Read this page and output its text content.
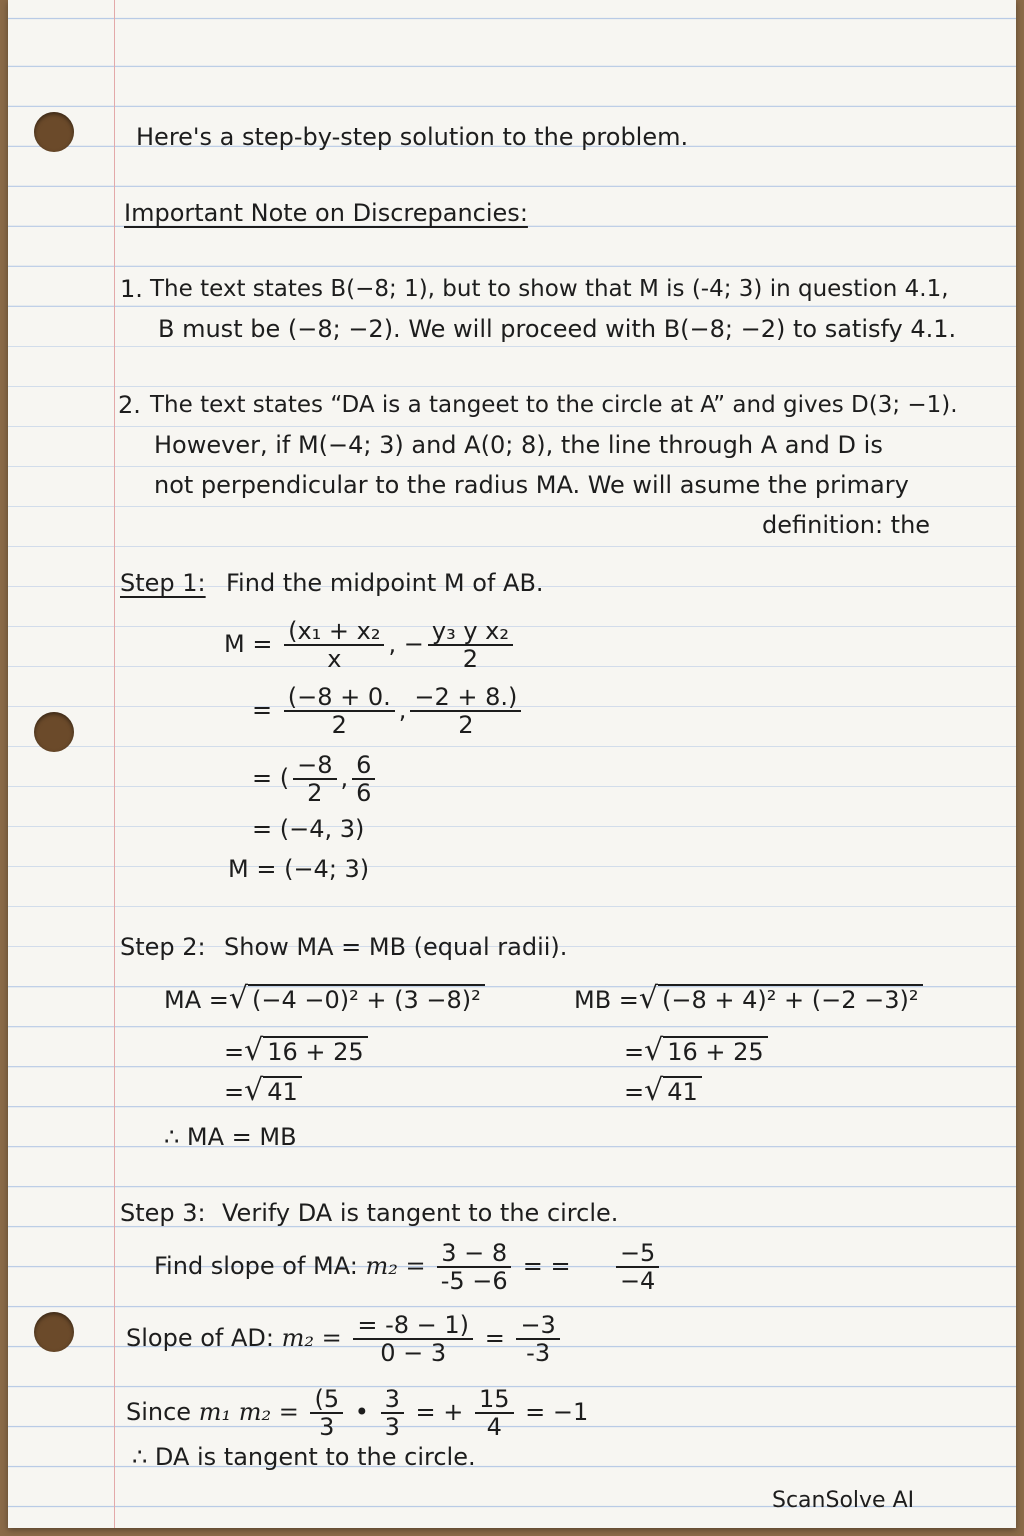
Here's a step-by-step solution to the problem.
Important Note on Discrepancies:
1. The text states B(−8; 1), but to show that M is (-4; 3) in question 4.1,
B must be (−8; −2). We will proceed with B(−8; −2) to satisfy 4.1.
2. The text states “DA is a tangeet to the circle at A” and gives D(3; −1).
However, if M(−4; 3) and A(0; 8), the line through A and D is
not perpendicular to the radius MA. We will asume the primary
definition: the
Step 1: Find the midpoint M of AB.
$M = \frac{\text{(x₁ + x₂}}{x}$ , − $\frac{\text{y₃ y x₂}}{2}$
= $\frac{(-8 + 0.}{2}$ , $\frac{-2 + 8.)}{2}$
= ( $\frac{-8}{2}$ , $\frac{6}{6}$
= (−4, 3)
M = (−4; 3)
Step 2: Show MA = MB (equal radii).
MA =√ (−4 −0)² + (3 −8)²
=√ 16 + 25
=√ 41
MB =√ (−8 + 4)² + (−2 −3)²
=√ 16 + 25
=√ 41
∴ MA = MB
Step 3: Verify DA is tangent to the circle.
Find slope of MA: $m_2 = \frac{3 - 8}{-5 -6}$ = = $\frac{-5}{-4}$
Slope of AD: $m_2 = \frac{= -8 - 1)}{0 - 3} = \frac{-3}{-3}$
Since m₁ $m_2 = \frac{(5}{3}$ • $\frac{3}{3}$ = + $\frac{15}{4} = -1$
∴ DA is tangent to the circle.
ScanSolve AI
